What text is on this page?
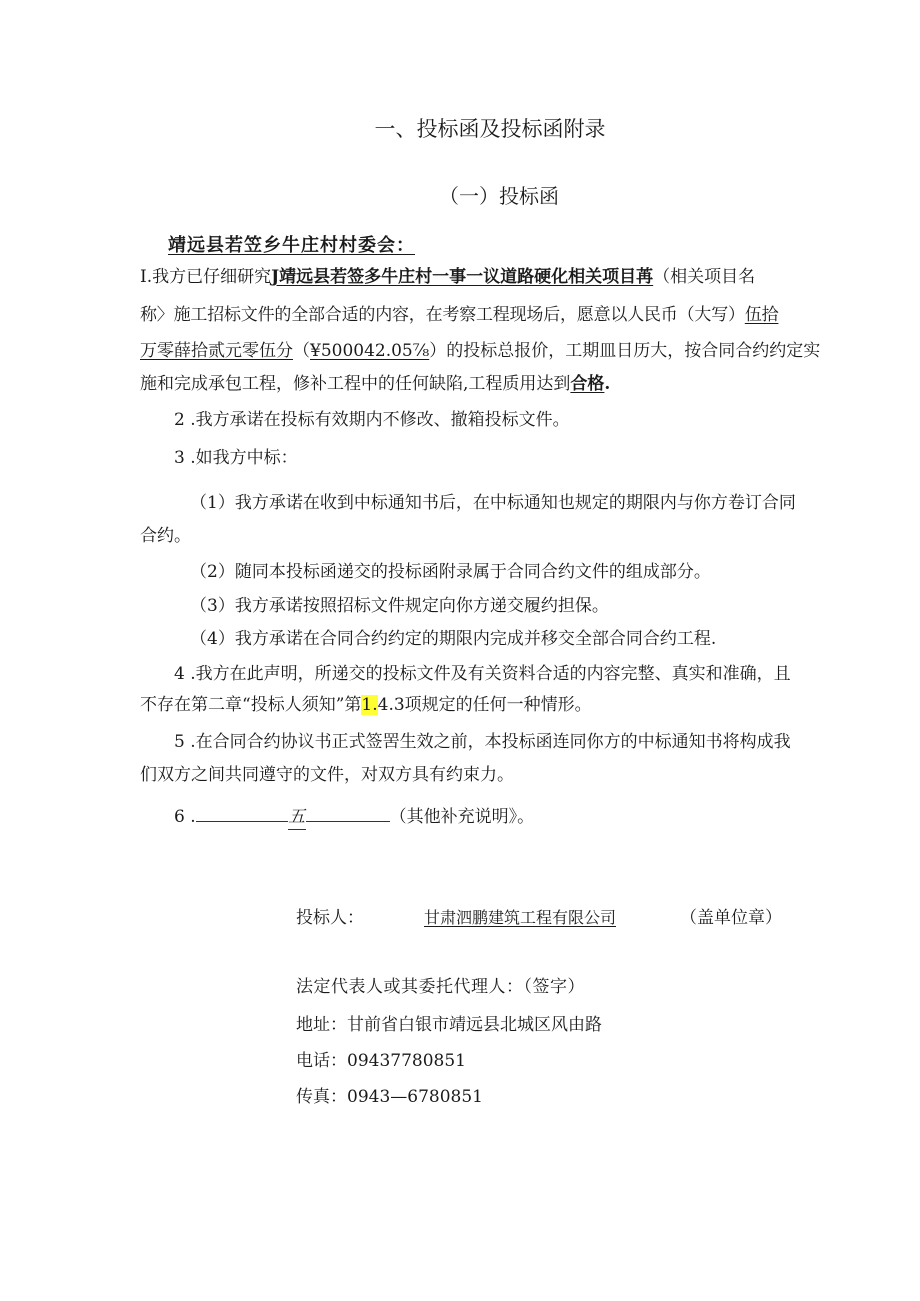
一、投标函及投标函附录
（一）投标函
靖远县若笠乡牛庄村村委会：
I.我方已仔细研究J靖远县若签多牛庄村一事一议道路硬化相关项目苒（相关项目名
称〉施工招标文件的全部合适的内容，在考察工程现场后，愿意以人民币（大写）伍拾
万零薛拾贰元零伍分（¥500042.05⅞）的投标总报价，工期皿日历大，按合同合约约定实
施和完成承包工程，修补工程中的任何缺陷,工程质用达到合格.
2 .我方承诺在投标有效期内不修改、撤箱投标文件。
3 .如我方中标：
（1）我方承诺在收到中标通知书后，在中标通知也规定的期限内与你方卷订合同
合约。
（2）随同本投标函递交的投标函附录属于合同合约文件的组成部分。
（3）我方承诺按照招标文件规定向你方递交履约担保。
（4）我方承诺在合同合约约定的期限内完成并移交全部合同合约工程.
4 .我方在此声明，所递交的投标文件及有关资料合适的内容完整、真实和准确，且
不存在第二章“投标人须知”第1.4.3项规定的任何一种情形。
5 .在合同合约协议书正式签罟生效之前，本投标函连同你方的中标通知书将构成我
们双方之间共同遵守的文件，对双方具有约束力。
6 .	五	（其他补充说明》。
投标人：	甘肃泗鹏建筑工程有限公司	（盖单位章）
法定代表人或其委托代理人：（签字）
地址：甘前省白银市靖远县北城区风由路
电话：09437780851
传真：0943—6780851
